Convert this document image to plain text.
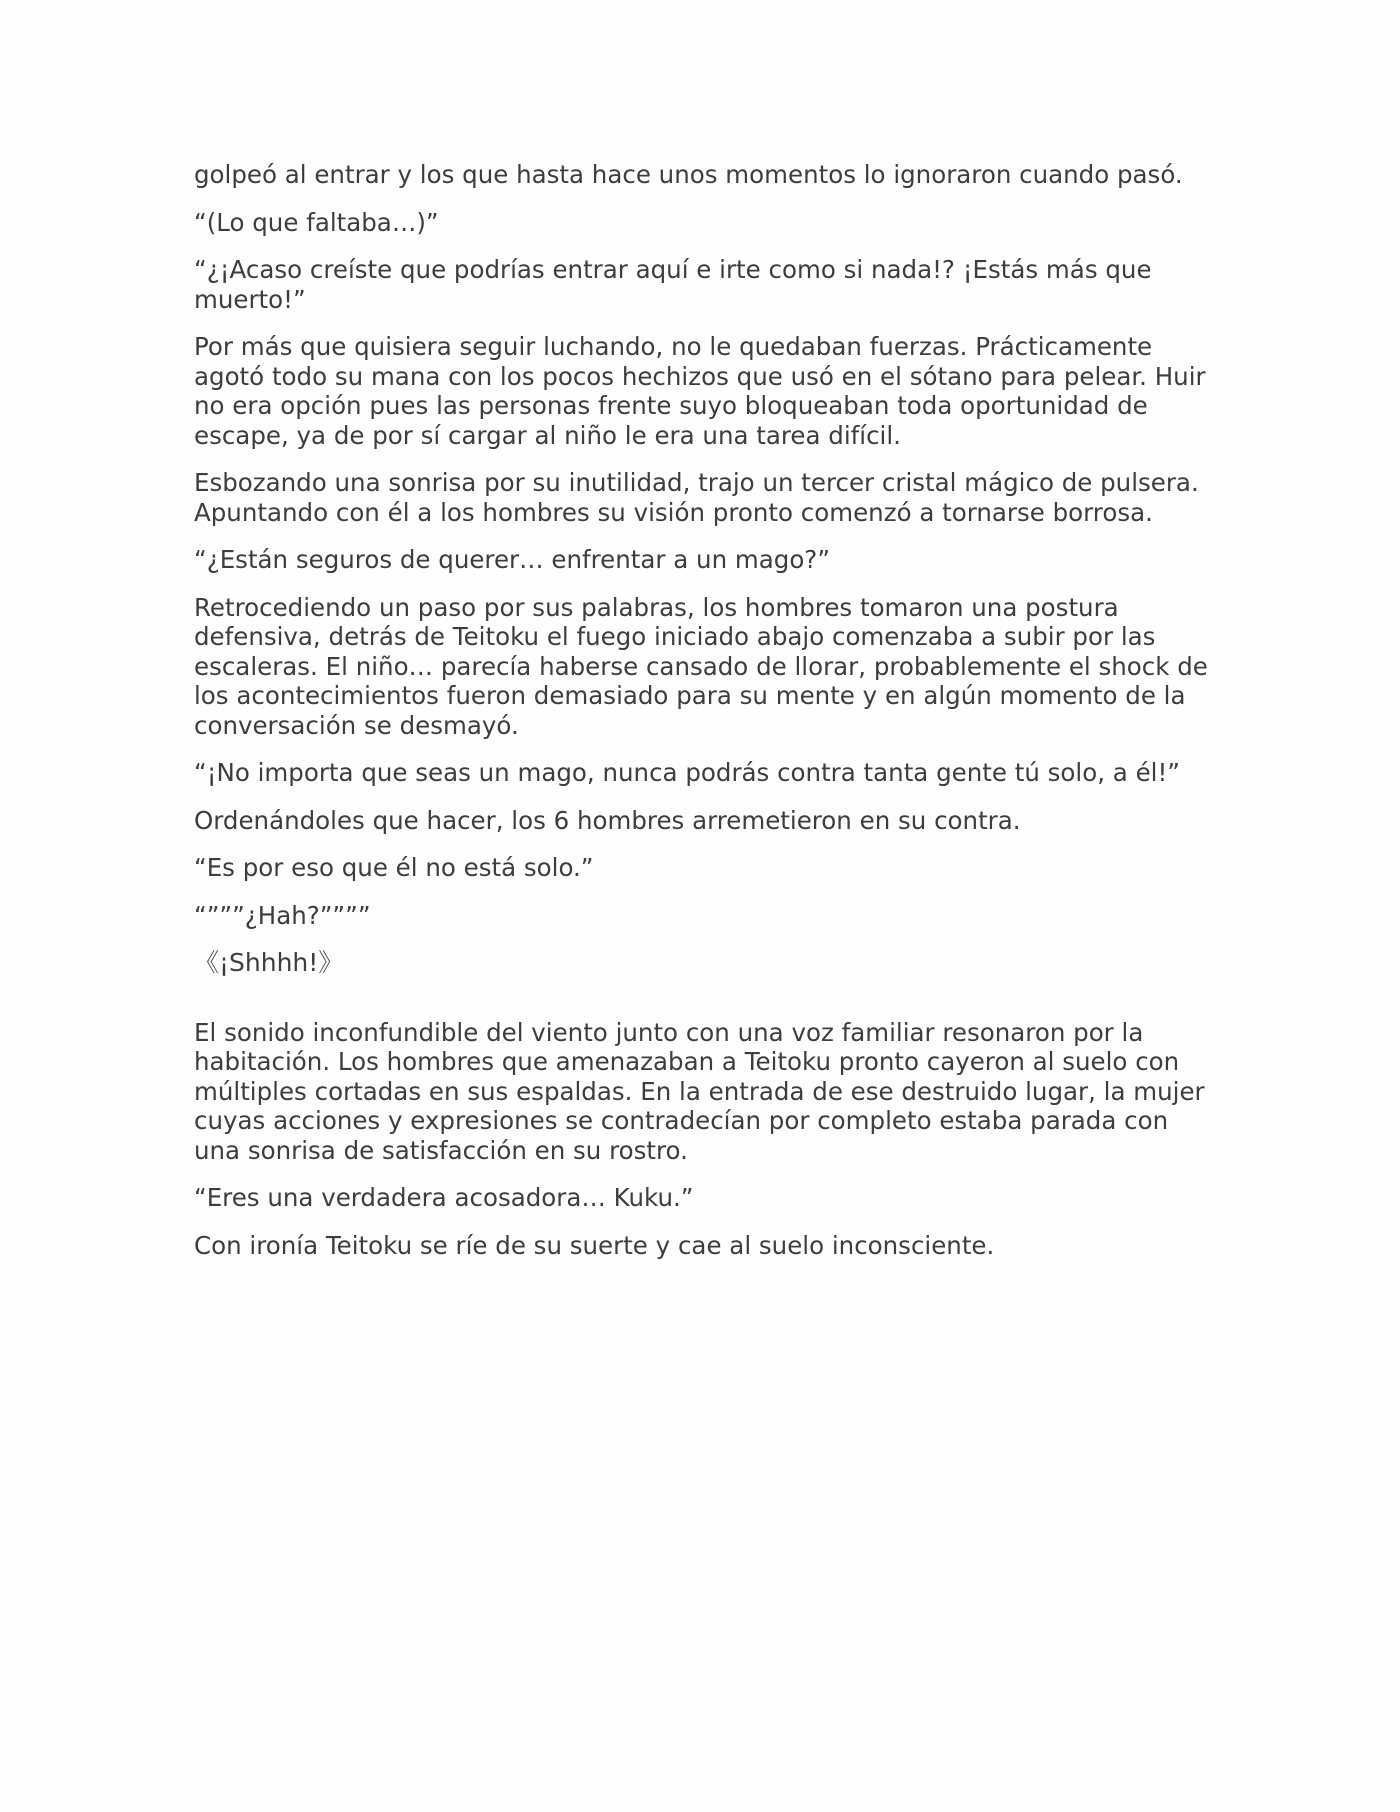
golpeó al entrar y los que hasta hace unos momentos lo ignoraron cuando pasó.

“(Lo que faltaba…)”

“¿¡Acaso creíste que podrías entrar aquí e irte como si nada!? ¡Estás más que muerto!”

Por más que quisiera seguir luchando, no le quedaban fuerzas. Prácticamente agotó todo su mana con los pocos hechizos que usó en el sótano para pelear. Huir no era opción pues las personas frente suyo bloqueaban toda oportunidad de escape, ya de por sí cargar al niño le era una tarea difícil.

Esbozando una sonrisa por su inutilidad, trajo un tercer cristal mágico de pulsera. Apuntando con él a los hombres su visión pronto comenzó a tornarse borrosa.

“¿Están seguros de querer… enfrentar a un mago?”

Retrocediendo un paso por sus palabras, los hombres tomaron una postura defensiva, detrás de Teitoku el fuego iniciado abajo comenzaba a subir por las escaleras. El niño… parecía haberse cansado de llorar, probablemente el shock de los acontecimientos fueron demasiado para su mente y en algún momento de la conversación se desmayó.

“¡No importa que seas un mago, nunca podrás contra tanta gente tú solo, a él!”

Ordenándoles que hacer, los 6 hombres arremetieron en su contra.

“Es por eso que él no está solo.”

“”””¿Hah?””””

《¡Shhhh!》

El sonido inconfundible del viento junto con una voz familiar resonaron por la habitación. Los hombres que amenazaban a Teitoku pronto cayeron al suelo con múltiples cortadas en sus espaldas. En la entrada de ese destruido lugar, la mujer cuyas acciones y expresiones se contradecían por completo estaba parada con una sonrisa de satisfacción en su rostro.

“Eres una verdadera acosadora… Kuku.”

Con ironía Teitoku se ríe de su suerte y cae al suelo inconsciente.
